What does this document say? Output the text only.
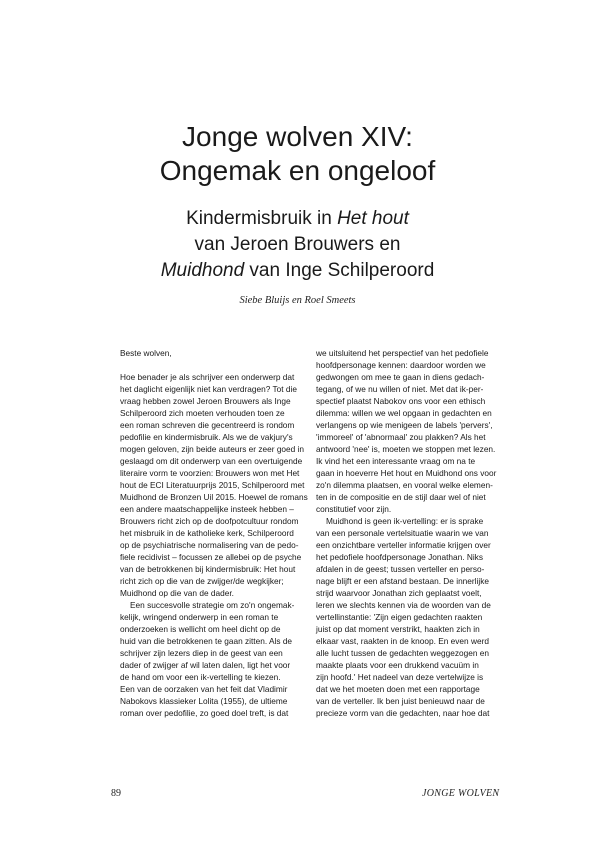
Jonge wolven XIV:
Ongemak en ongeloof
Kindermisbruik in Het hout
van Jeroen Brouwers en
Muidhond van Inge Schilperoord
Siebe Bluijs en Roel Smeets
Beste wolven,
Hoe benader je als schrijver een onderwerp dat
het daglicht eigenlijk niet kan verdragen? Tot die
vraag hebben zowel Jeroen Brouwers als Inge
Schilperoord zich moeten verhouden toen ze
een roman schreven die gecentreerd is rondom
pedofilie en kindermisbruik. Als we de vakjury's
mogen geloven, zijn beide auteurs er zeer goed in
geslaagd om dit onderwerp van een overtuigende
literaire vorm te voorzien: Brouwers won met Het
hout de ECI Literatuurprijs 2015, Schilperoord met
Muidhond de Bronzen Uil 2015. Hoewel de romans
een andere maatschappelijke insteek hebben –
Brouwers richt zich op de doofpotcultuur rondom
het misbruik in de katholieke kerk, Schilperoord
op de psychiatrische normalisering van de pedo-
fiele recidivist – focussen ze allebei op de psyche
van de betrokkenen bij kindermisbruik: Het hout
richt zich op die van de zwijger/de wegkijker;
Muidhond op die van de dader.
Een succesvolle strategie om zo'n ongemak-
kelijk, wringend onderwerp in een roman te
onderzoeken is wellicht om heel dicht op de
huid van die betrokkenen te gaan zitten. Als de
schrijver zijn lezers diep in de geest van een
dader of zwijger af wil laten dalen, ligt het voor
de hand om voor een ik-vertelling te kiezen.
Een van de oorzaken van het feit dat Vladimir
Nabokovs klassieker Lolita (1955), de ultieme
roman over pedofilie, zo goed doel treft, is dat
we uitsluitend het perspectief van het pedofiele
hoofdpersonage kennen: daardoor worden we
gedwongen om mee te gaan in diens gedach-
tegang, of we nu willen of niet. Met dat ik-per-
spectief plaatst Nabokov ons voor een ethisch
dilemma: willen we wel opgaan in gedachten en
verlangens op wie menigeen de labels 'pervers',
'immoreel' of 'abnormaal' zou plakken? Als het
antwoord 'nee' is, moeten we stoppen met lezen.
Ik vind het een interessante vraag om na te
gaan in hoeverre Het hout en Muidhond ons voor
zo'n dilemma plaatsen, en vooral welke elemen-
ten in de compositie en de stijl daar wel of niet
constitutief voor zijn.
Muidhond is geen ik-vertelling: er is sprake
van een personale vertelsituatie waarin we van
een onzichtbare verteller informatie krijgen over
het pedofiele hoofdpersonage Jonathan. Niks
afdalen in de geest; tussen verteller en perso-
nage blijft er een afstand bestaan. De innerlijke
strijd waarvoor Jonathan zich geplaatst voelt,
leren we slechts kennen via de woorden van de
vertellinstantie: 'Zijn eigen gedachten raakten
juist op dat moment verstrikt, haakten zich in
elkaar vast, raakten in de knoop. En even werd
alle lucht tussen de gedachten weggezogen en
maakte plaats voor een drukkend vacuüm in
zijn hoofd.' Het nadeel van deze vertelwijze is
dat we het moeten doen met een rapportage
van de verteller. Ik ben juist benieuwd naar de
precieze vorm van die gedachten, naar hoe dat
89	JONGE WOLVEN
